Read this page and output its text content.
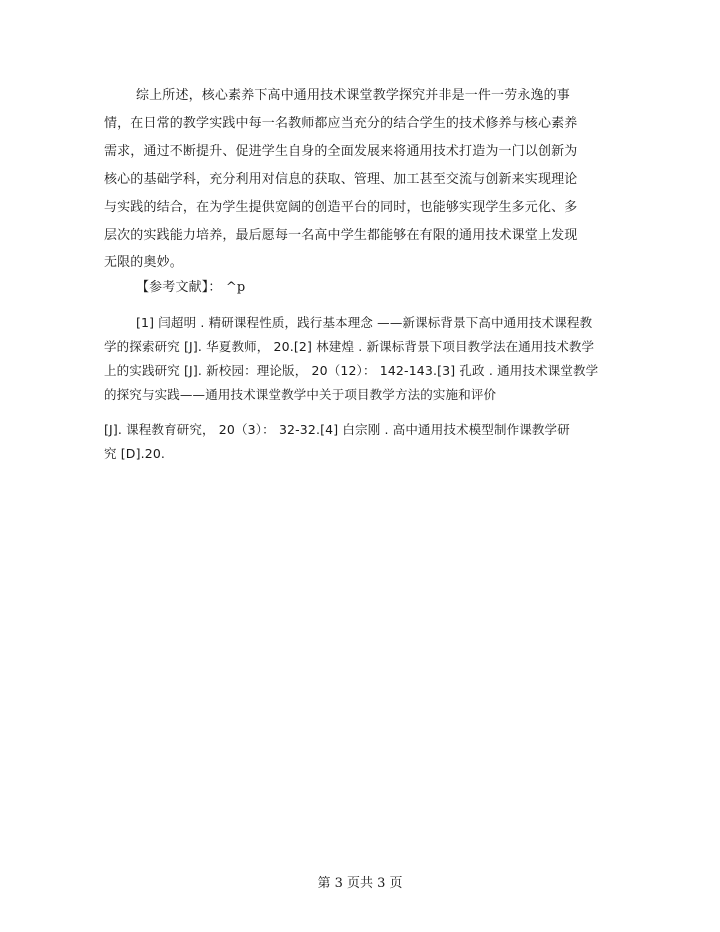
综上所述，核心素养下高中通用技术课堂教学探究并非是一件一劳永逸的事
情，在日常的教学实践中每一名教师都应当充分的结合学生的技术修养与核心素养
需求，通过不断提升、促进学生自身的全面发展来将通用技术打造为一门以创新为
核心的基础学科，充分利用对信息的获取、管理、加工甚至交流与创新来实现理论
与实践的结合，在为学生提供宽阔的创造平台的同时，也能够实现学生多元化、多
层次的实践能力培养，最后愿每一名高中学生都能够在有限的通用技术课堂上发现
无限的奥妙。
【参考文献】： ^p
[1] 闫超明 . 精研课程性质，践行基本理念 ——新课标背景下高中通用技术课程教
学的探索研究 [J]. 华夏教师， 20.[2] 林建煌 . 新课标背景下项目教学法在通用技术教学
上的实践研究 [J]. 新校园：理论版， 20（12）： 142-143.[3] 孔政 . 通用技术课堂教学
的探究与实践——通用技术课堂教学中关于项目教学方法的实施和评价
[J]. 课程教育研究， 20（3）： 32-32.[4] 白宗刚 . 高中通用技术模型制作课教学研
究 [D].20.
第 3 页共 3 页
